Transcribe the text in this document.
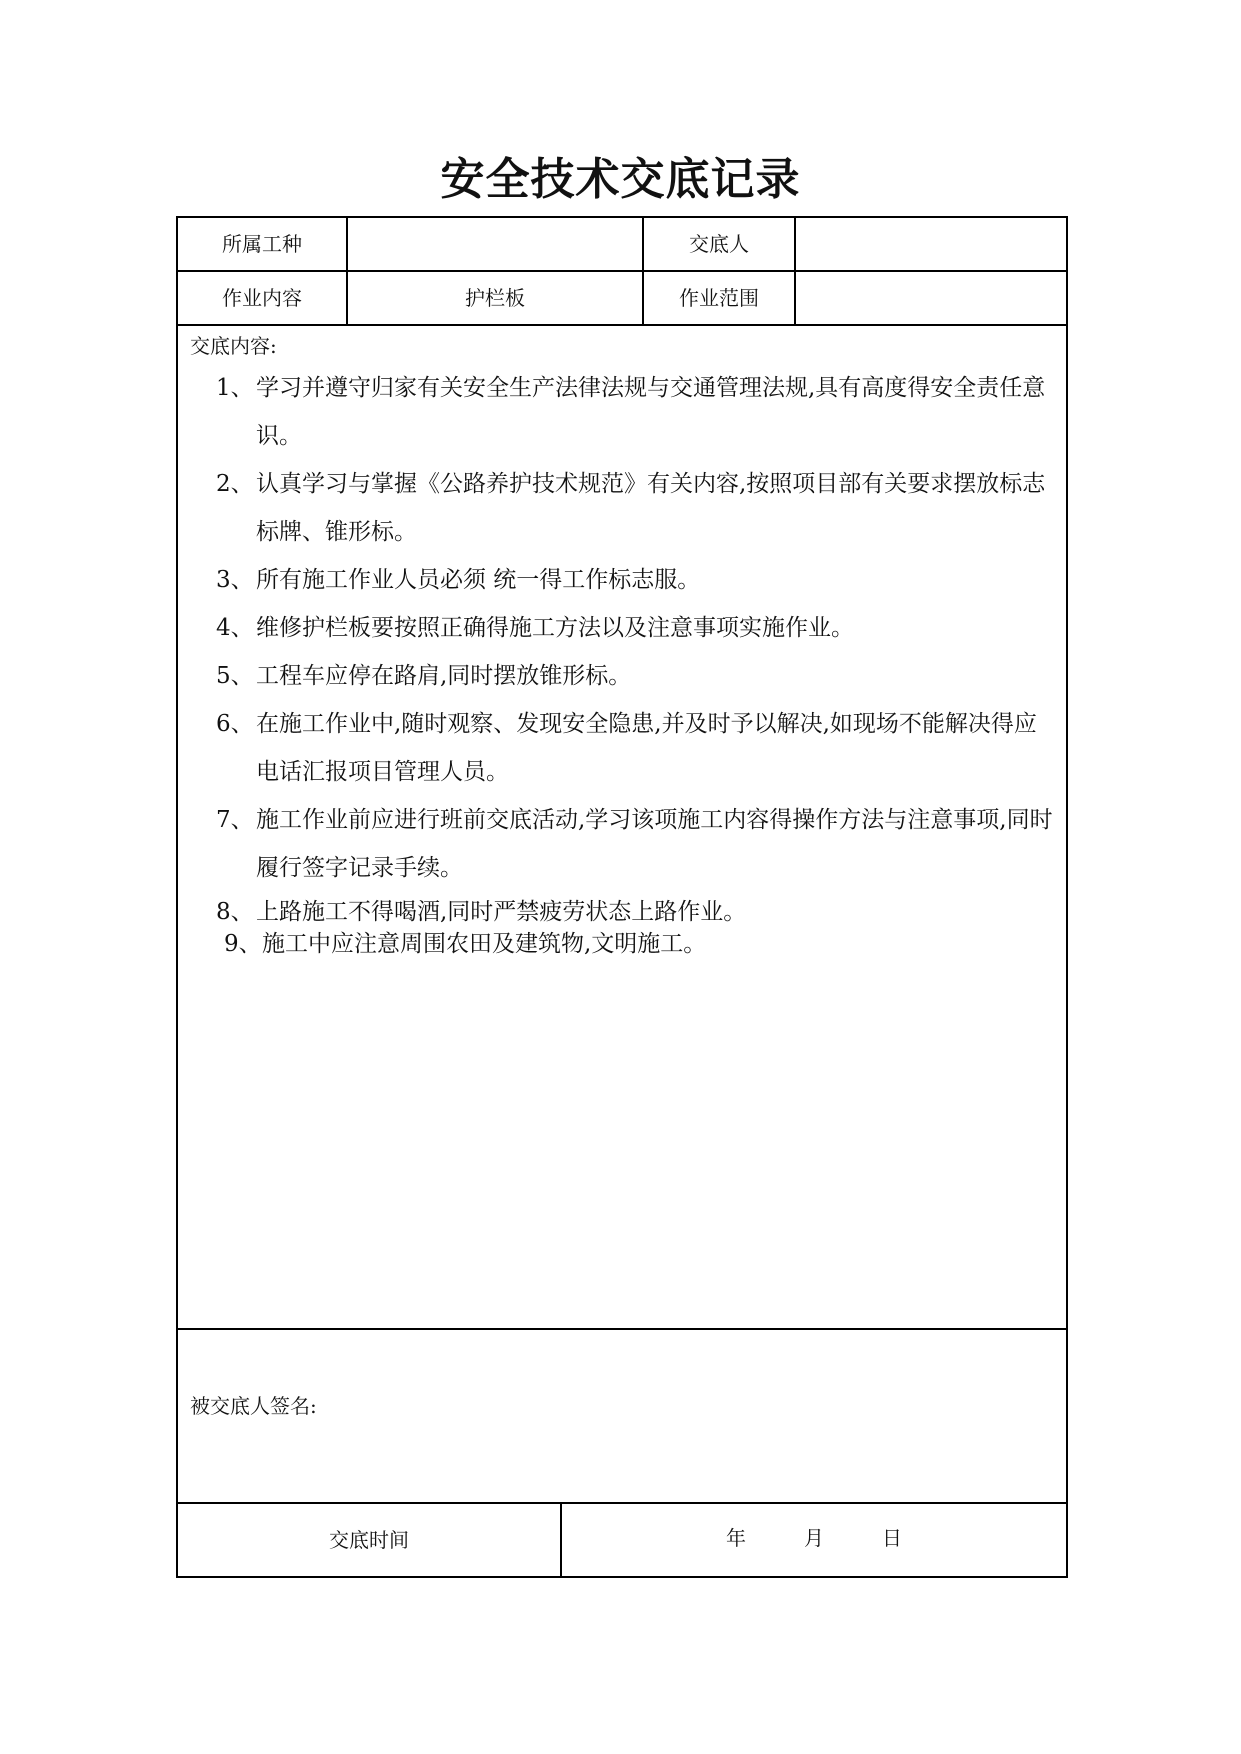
安全技术交底记录
所属工种	交底人
作业内容	护栏板	作业范围
交底内容:
1、 学习并遵守归家有关安全生产法律法规与交通管理法规,具有高度得安全责任意识。
2、 认真学习与掌握《公路养护技术规范》有关内容,按照项目部有关要求摆放标志标牌、锥形标。
3、 所有施工作业人员必须 统一得工作标志服。
4、 维修护栏板要按照正确得施工方法以及注意事项实施作业。
5、 工程车应停在路肩,同时摆放锥形标。
6、 在施工作业中,随时观察、发现安全隐患,并及时予以解决,如现场不能解决得应电话汇报项目管理人员。
7、 施工作业前应进行班前交底活动,学习该项施工内容得操作方法与注意事项,同时履行签字记录手续。
8、 上路施工不得喝酒,同时严禁疲劳状态上路作业。
9、 施工中应注意周围农田及建筑物,文明施工。
被交底人签名:
交底时间	年	月	日
